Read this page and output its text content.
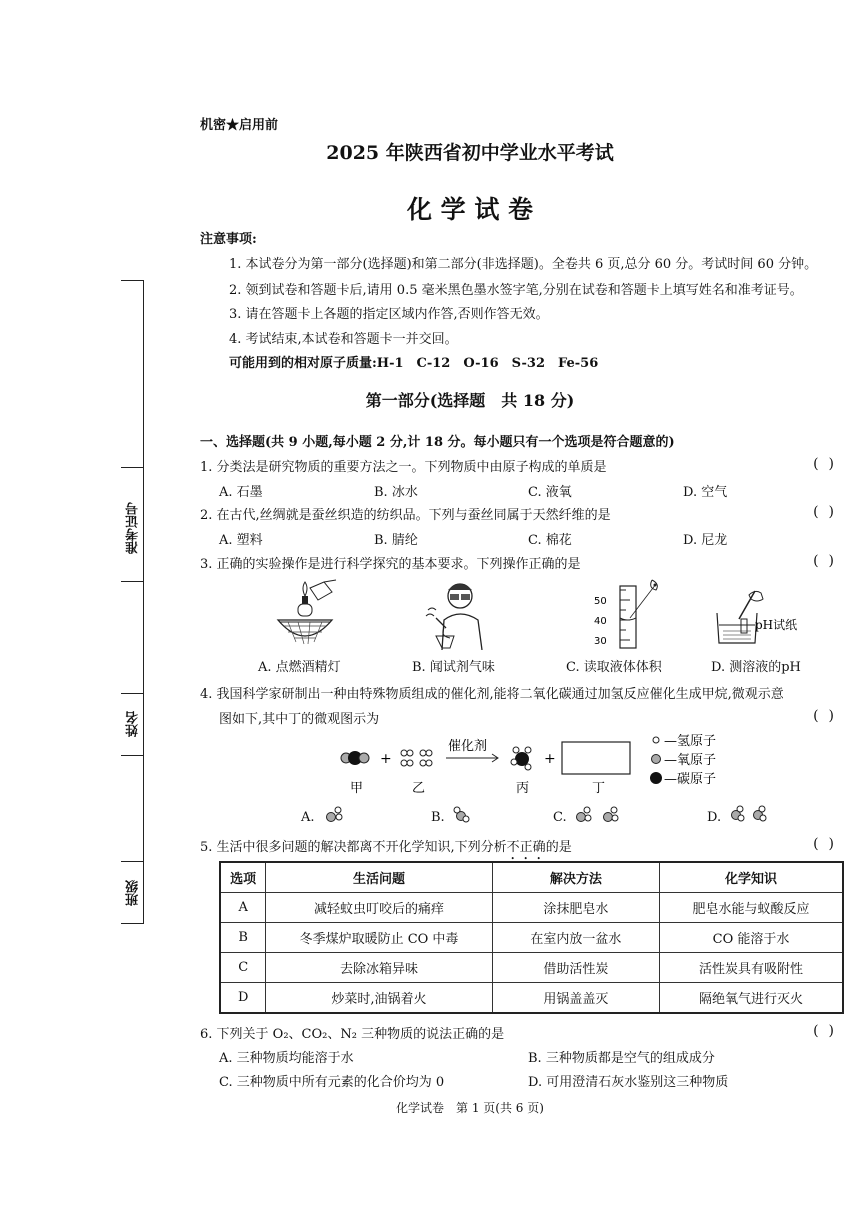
机密★启用前
2025 年陕西省初中学业水平考试
化 学 试 卷
注意事项:
1. 本试卷分为第一部分(选择题)和第二部分(非选择题)。全卷共 6 页,总分 60 分。考试时间 60 分钟。
2. 领到试卷和答题卡后,请用 0.5 毫米黑色墨水签字笔,分别在试卷和答题卡上填写姓名和准考证号。
3. 请在答题卡上各题的指定区域内作答,否则作答无效。
4. 考试结束,本试卷和答题卡一并交回。
可能用到的相对原子质量:H-1　C-12　O-16　S-32　Fe-56
准考证号
姓名
班级
第一部分(选择题　共 18 分)
一、选择题(共 9 小题,每小题 2 分,计 18 分。每小题只有一个选项是符合题意的)
1. 分类法是研究物质的重要方法之一。下列物质中由原子构成的单质是	()
A. 石墨	B. 冰水	C. 液氧	D. 空气
2. 在古代,丝绸就是蚕丝织造的纺织品。下列与蚕丝同属于天然纤维的是	()
A. 塑料	B. 腈纶	C. 棉花	D. 尼龙
3. 正确的实验操作是进行科学探究的基本要求。下列操作正确的是	()
50
40
30
pH试纸
A. 点燃酒精灯	B. 闻试剂气味	C. 读取液体体积	D. 测溶液的pH
4. 我国科学家研制出一种由特殊物质组成的催化剂,能将二氧化碳通过加氢反应催化生成甲烷,微观示意
图如下,其中丁的微观图示为	()
+
催化剂
+
甲	乙	丙	丁
—氢原子
—氧原子
—碳原子
A.	B.	C.	D.
5. 生活中很多问题的解决都离不开化学知识,下列分析不正确的是	()
选项	生活问题	解决方法	化学知识
A	减轻蚊虫叮咬后的痛痒	涂抹肥皂水	肥皂水能与蚁酸反应
B	冬季煤炉取暖防止 CO 中毒	在室内放一盆水	CO 能溶于水
C	去除冰箱异味	借助活性炭	活性炭具有吸附性
D	炒菜时,油锅着火	用锅盖盖灭	隔绝氧气进行灭火
6. 下列关于 O₂、CO₂、N₂ 三种物质的说法正确的是	()
A. 三种物质均能溶于水	B. 三种物质都是空气的组成成分
C. 三种物质中所有元素的化合价均为 0	D. 可用澄清石灰水鉴别这三种物质
化学试卷　第 1 页(共 6 页)
